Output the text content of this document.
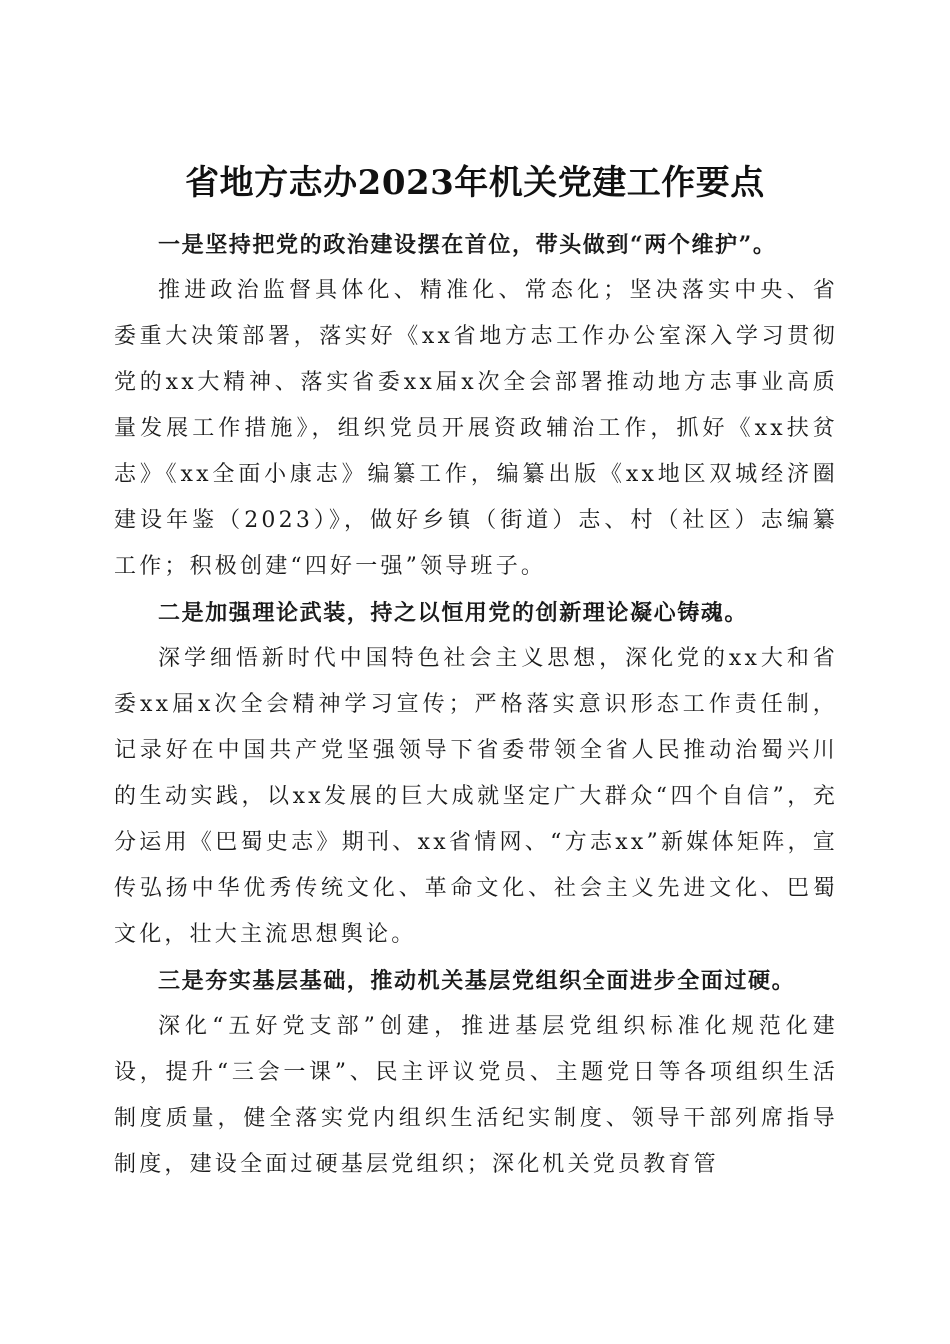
省地方志办2023年机关党建工作要点

一是坚持把党的政治建设摆在首位，带头做到“两个维护”。

推进政治监督具体化、精准化、常态化；坚决落实中央、省委重大决策部署，落实好《xx省地方志工作办公室深入学习贯彻党的xx大精神、落实省委xx届x次全会部署推动地方志事业高质量发展工作措施》，组织党员开展资政辅治工作，抓好《xx扶贫志》《xx全面小康志》编纂工作，编纂出版《xx地区双城经济圈建设年鉴（2023）》，做好乡镇（街道）志、村（社区）志编纂工作；积极创建“四好一强”领导班子。

二是加强理论武装，持之以恒用党的创新理论凝心铸魂。

深学细悟新时代中国特色社会主义思想，深化党的xx大和省委xx届x次全会精神学习宣传；严格落实意识形态工作责任制，记录好在中国共产党坚强领导下省委带领全省人民推动治蜀兴川的生动实践，以xx发展的巨大成就坚定广大群众“四个自信”，充分运用《巴蜀史志》期刊、xx省情网、“方志xx”新媒体矩阵，宣传弘扬中华优秀传统文化、革命文化、社会主义先进文化、巴蜀文化，壮大主流思想舆论。

三是夯实基层基础，推动机关基层党组织全面进步全面过硬。

深化“五好党支部”创建，推进基层党组织标准化规范化建设，提升“三会一课”、民主评议党员、主题党日等各项组织生活制度质量，健全落实党内组织生活纪实制度、领导干部列席指导制度，建设全面过硬基层党组织；深化机关党员教育管
